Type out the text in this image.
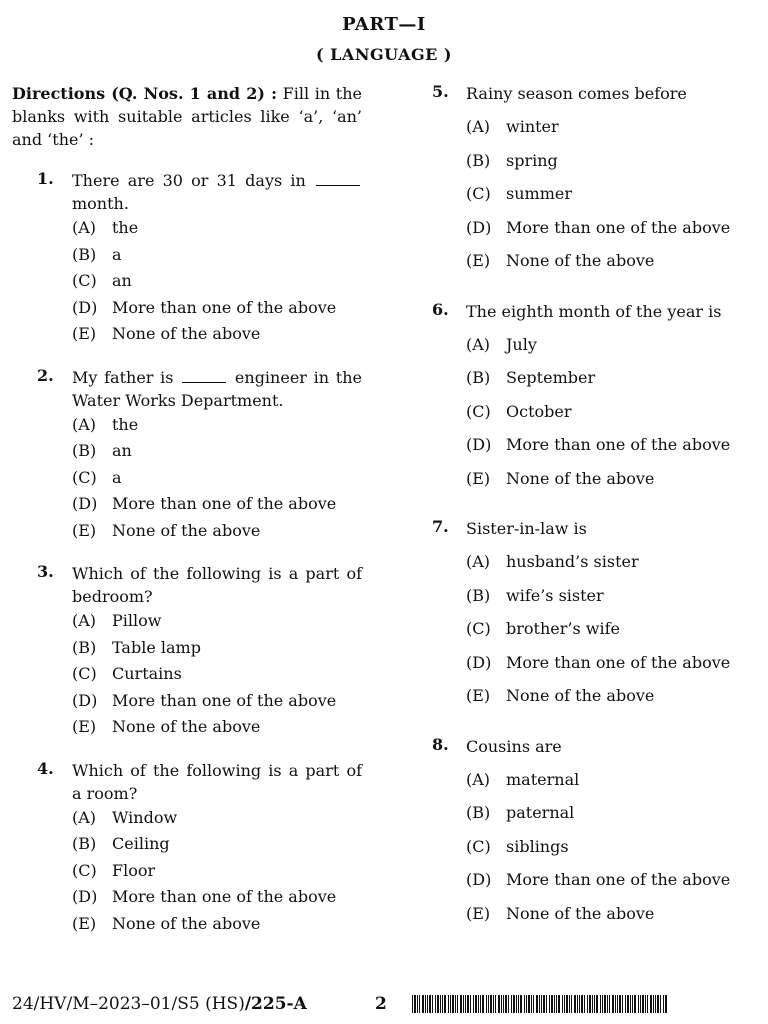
PART—I
( LANGUAGE )
Directions (Q. Nos. 1 and 2) : Fill in the blanks with suitable articles like ‘a’, ‘an’ and ‘the’ :
1. There are 30 or 31 days in  month.
(A) the
(B) a
(C) an
(D) More than one of the above
(E) None of the above
2. My father is	engineer in the Water Works Department.
(A) the
(B) an
(C) a
(D) More than one of the above
(E) None of the above
3. Which of the following is a part of bedroom?
(A) Pillow
(B) Table lamp
(C) Curtains
(D) More than one of the above
(E) None of the above
4. Which of the following is a part of a room?
(A) Window
(B) Ceiling
(C) Floor
(D) More than one of the above
(E) None of the above
5. Rainy season comes before
(A) winter
(B) spring
(C) summer
(D) More than one of the above
(E) None of the above
6. The eighth month of the year is
(A) July
(B) September
(C) October
(D) More than one of the above
(E) None of the above
7. Sister-in-law is
(A) husband’s sister
(B) wife’s sister
(C) brother’s wife
(D) More than one of the above
(E) None of the above
8. Cousins are
(A) maternal
(B) paternal
(C) siblings
(D) More than one of the above
(E) None of the above
24/HV/M–2023–01/S5 (HS)/225-A	2
